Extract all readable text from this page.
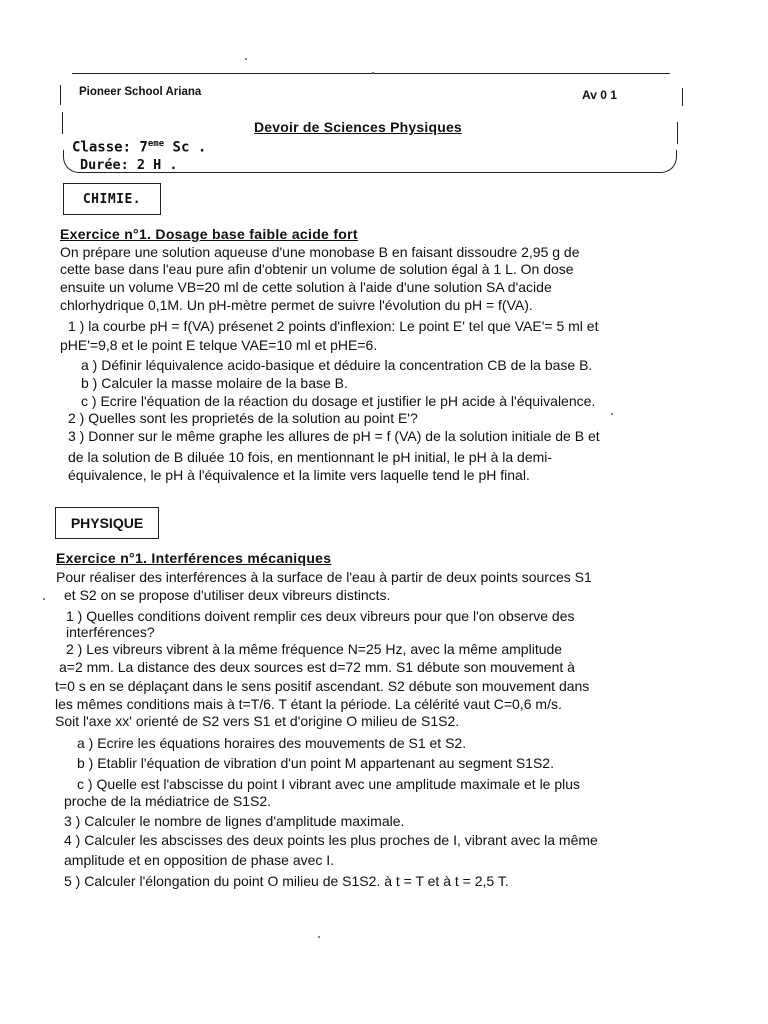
Pioneer School Ariana	Av 0 1
Devoir de Sciences Physiques
Classe: 7eme Sc .
Durée: 2 H .
CHIMIE.
Exercice n°1. Dosage base faible acide fort
On prépare une solution aqueuse d'une monobase B en faisant dissoudre 2,95 g de
cette base dans l'eau pure afin d'obtenir un volume de solution égal à 1 L. On dose
ensuite un volume VB=20 ml de cette solution à l'aide d'une solution SA d'acide
chlorhydrique 0,1M. Un pH-mètre permet de suivre l'évolution du pH = f(VA).
1 ) la courbe pH = f(VA) présenet 2 points d'inflexion: Le point E' tel que VAE'= 5 ml et
pHE'=9,8 et le point E telque VAE=10 ml et pHE=6.
a ) Définir léquivalence acido-basique et déduire la concentration CB de la base B.
b ) Calculer la masse molaire de la base B.
c ) Ecrire l'équation de la réaction du dosage et justifier le pH acide à l'équivalence.
2 ) Quelles sont les proprietés de la solution au point E'?
3 ) Donner sur le même graphe les allures de pH = f (VA) de la solution initiale de B et
de la solution de B diluée 10 fois, en mentionnant le pH initial, le pH à la demi-
équivalence, le pH à l'équivalence et la limite vers laquelle tend le pH final.
PHYSIQUE
Exercice n°1. Interférences mécaniques
Pour réaliser des interférences à la surface de l'eau à partir de deux points sources S1
et S2 on se propose d'utiliser deux vibreurs distincts.
1 ) Quelles conditions doivent remplir ces deux vibreurs pour que l'on observe des
interférences?
2 ) Les vibreurs vibrent à la même fréquence N=25 Hz, avec la même amplitude
a=2 mm. La distance des deux sources est d=72 mm. S1 débute son mouvement à
t=0 s en se déplaçant dans le sens positif ascendant. S2 débute son mouvement dans
les mêmes conditions mais à t=T/6. T étant la période. La célérité vaut C=0,6 m/s.
Soit l'axe xx' orienté de S2 vers S1 et d'origine O milieu de S1S2.
a ) Ecrire les équations horaires des mouvements de S1 et S2.
b ) Etablir l'équation de vibration d'un point M appartenant au segment S1S2.
c ) Quelle est l'abscisse du point I vibrant avec une amplitude maximale et le plus
proche de la médiatrice de S1S2.
3 ) Calculer le nombre de lignes d'amplitude maximale.
4 ) Calculer les abscisses des deux points les plus proches de I, vibrant avec la même
amplitude et en opposition de phase avec I.
5 ) Calculer l'élongation du point O milieu de S1S2. à t = T et à t = 2,5 T.
